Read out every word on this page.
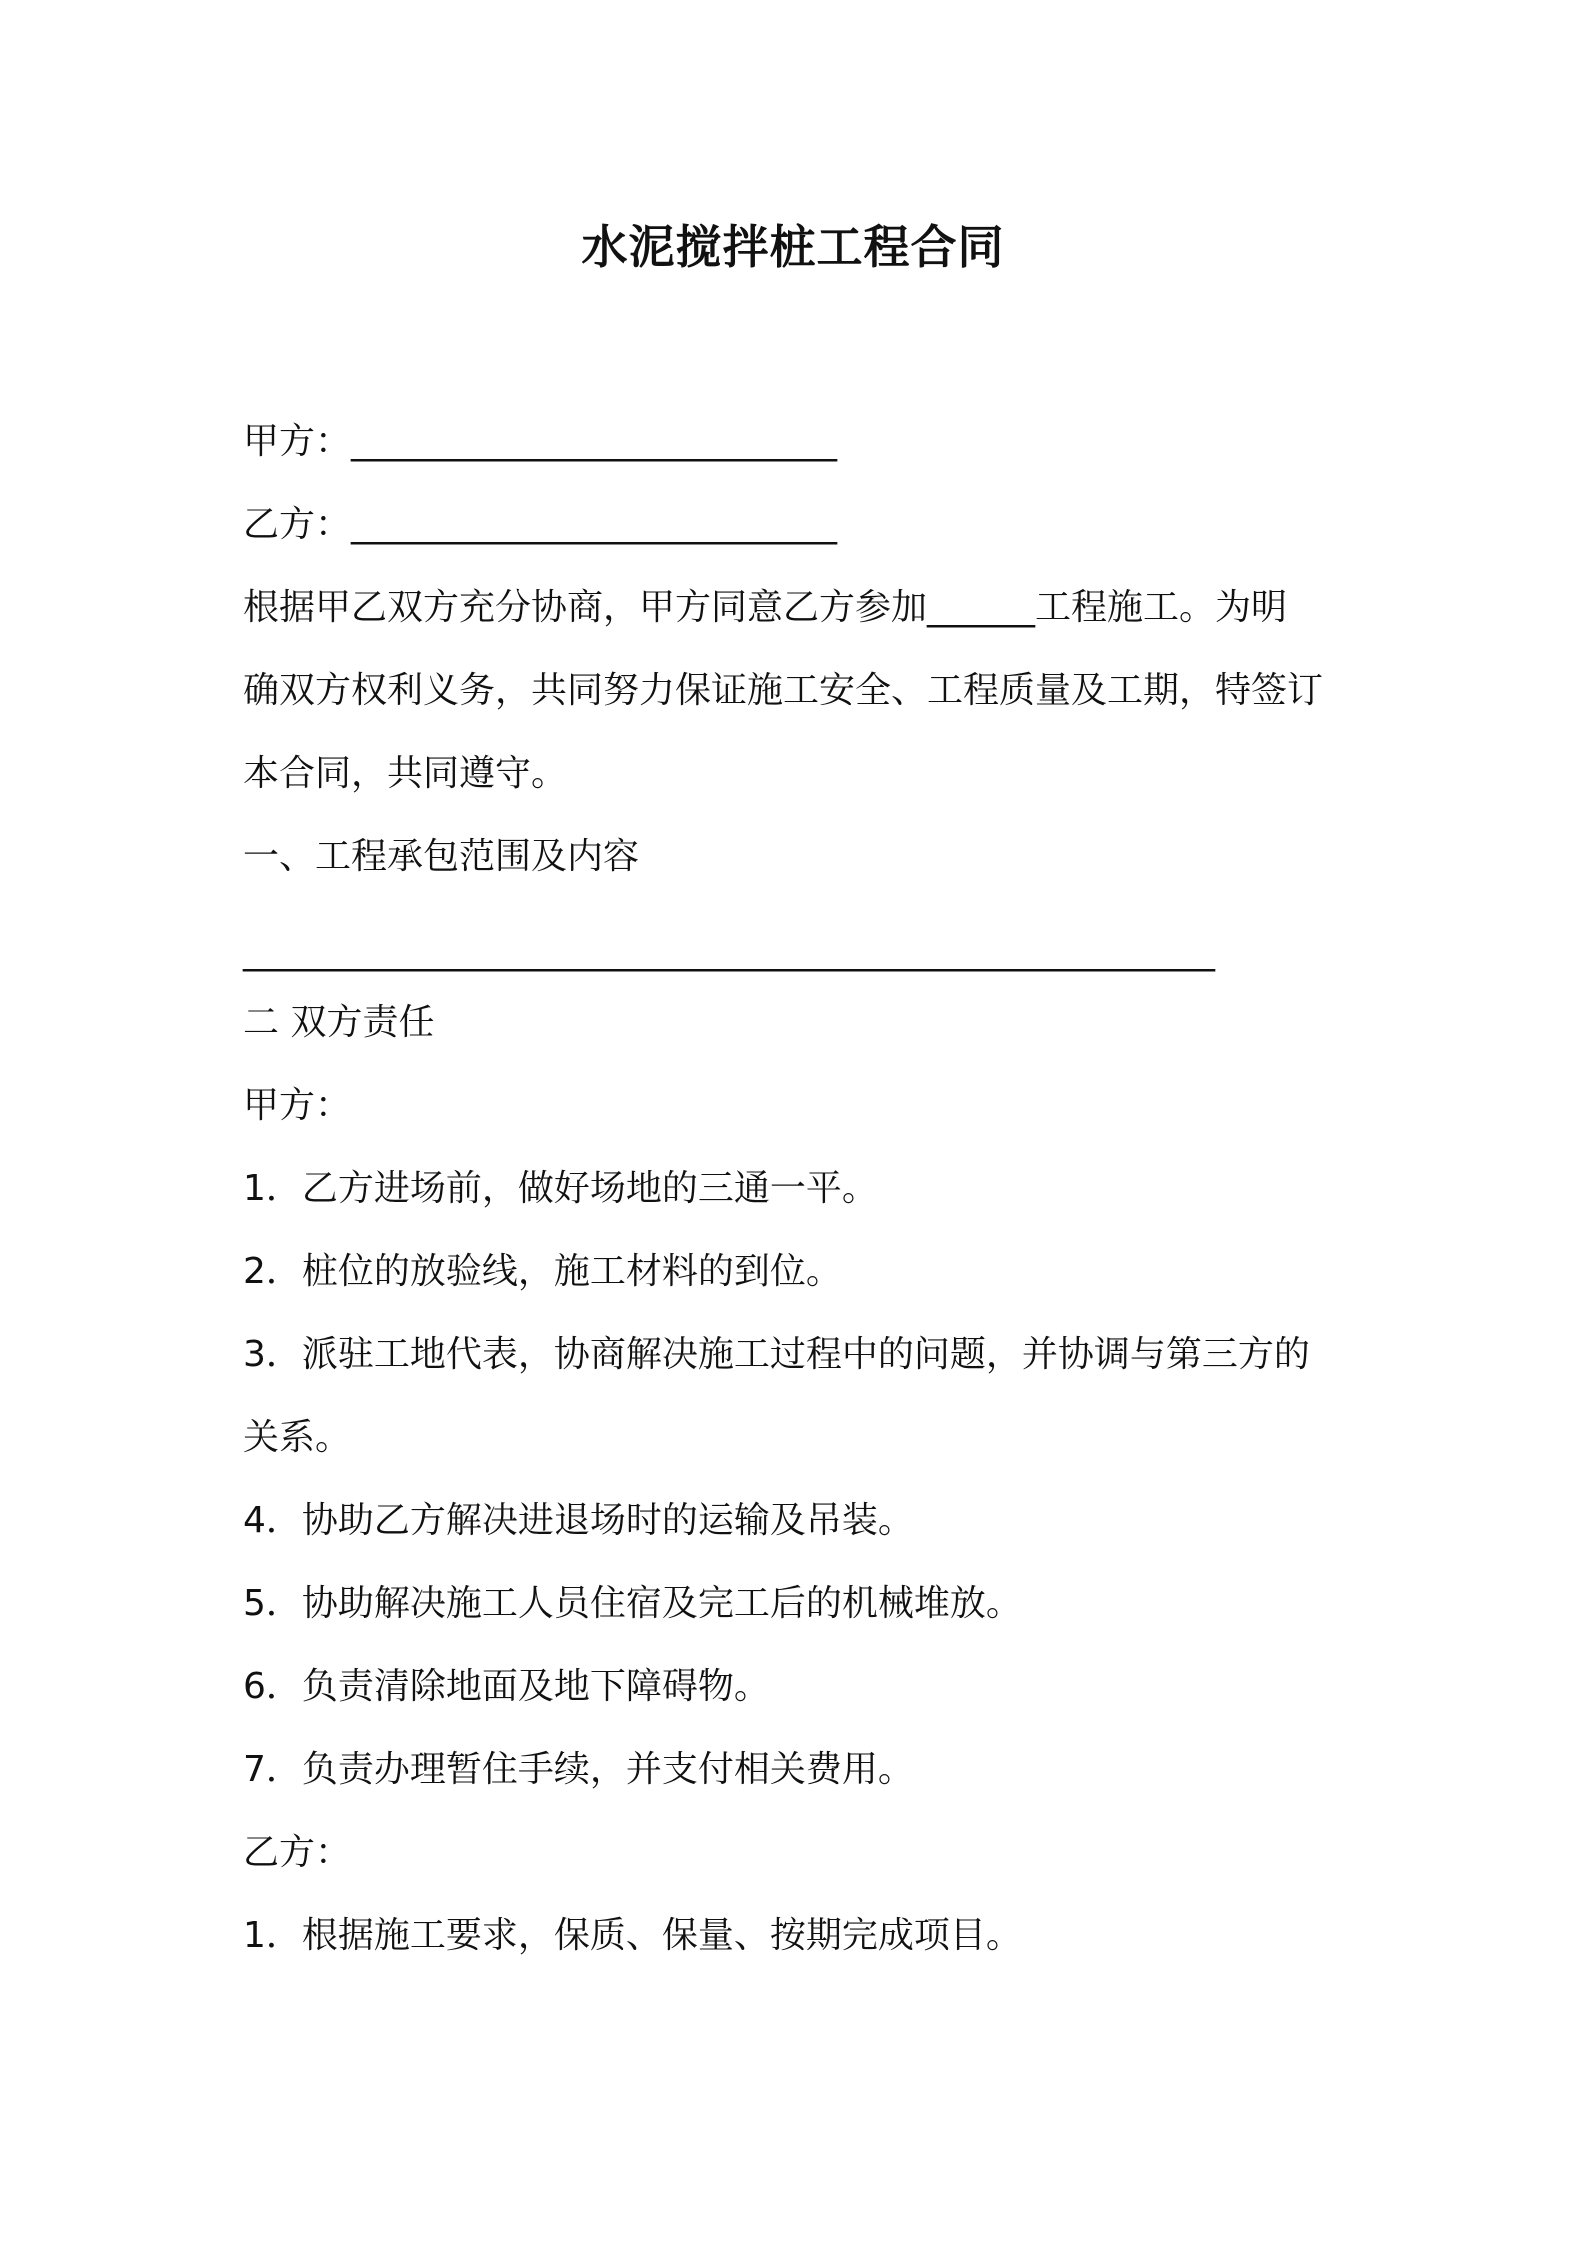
水泥搅拌桩工程合同
甲方：___________________________
乙方：___________________________
根据甲乙双方充分协商，甲方同意乙方参加______工程施工。为明
确双方权利义务，共同努力保证施工安全、工程质量及工期，特签订
本合同，共同遵守。
一、工程承包范围及内容
______________________________________________________
二 双方责任
甲方：
1．乙方进场前，做好场地的三通一平。
2．桩位的放验线，施工材料的到位。
3．派驻工地代表，协商解决施工过程中的问题，并协调与第三方的
关系。
4．协助乙方解决进退场时的运输及吊装。
5．协助解决施工人员住宿及完工后的机械堆放。
6．负责清除地面及地下障碍物。
7．负责办理暂住手续，并支付相关费用。
乙方：
1．根据施工要求，保质、保量、按期完成项目。
